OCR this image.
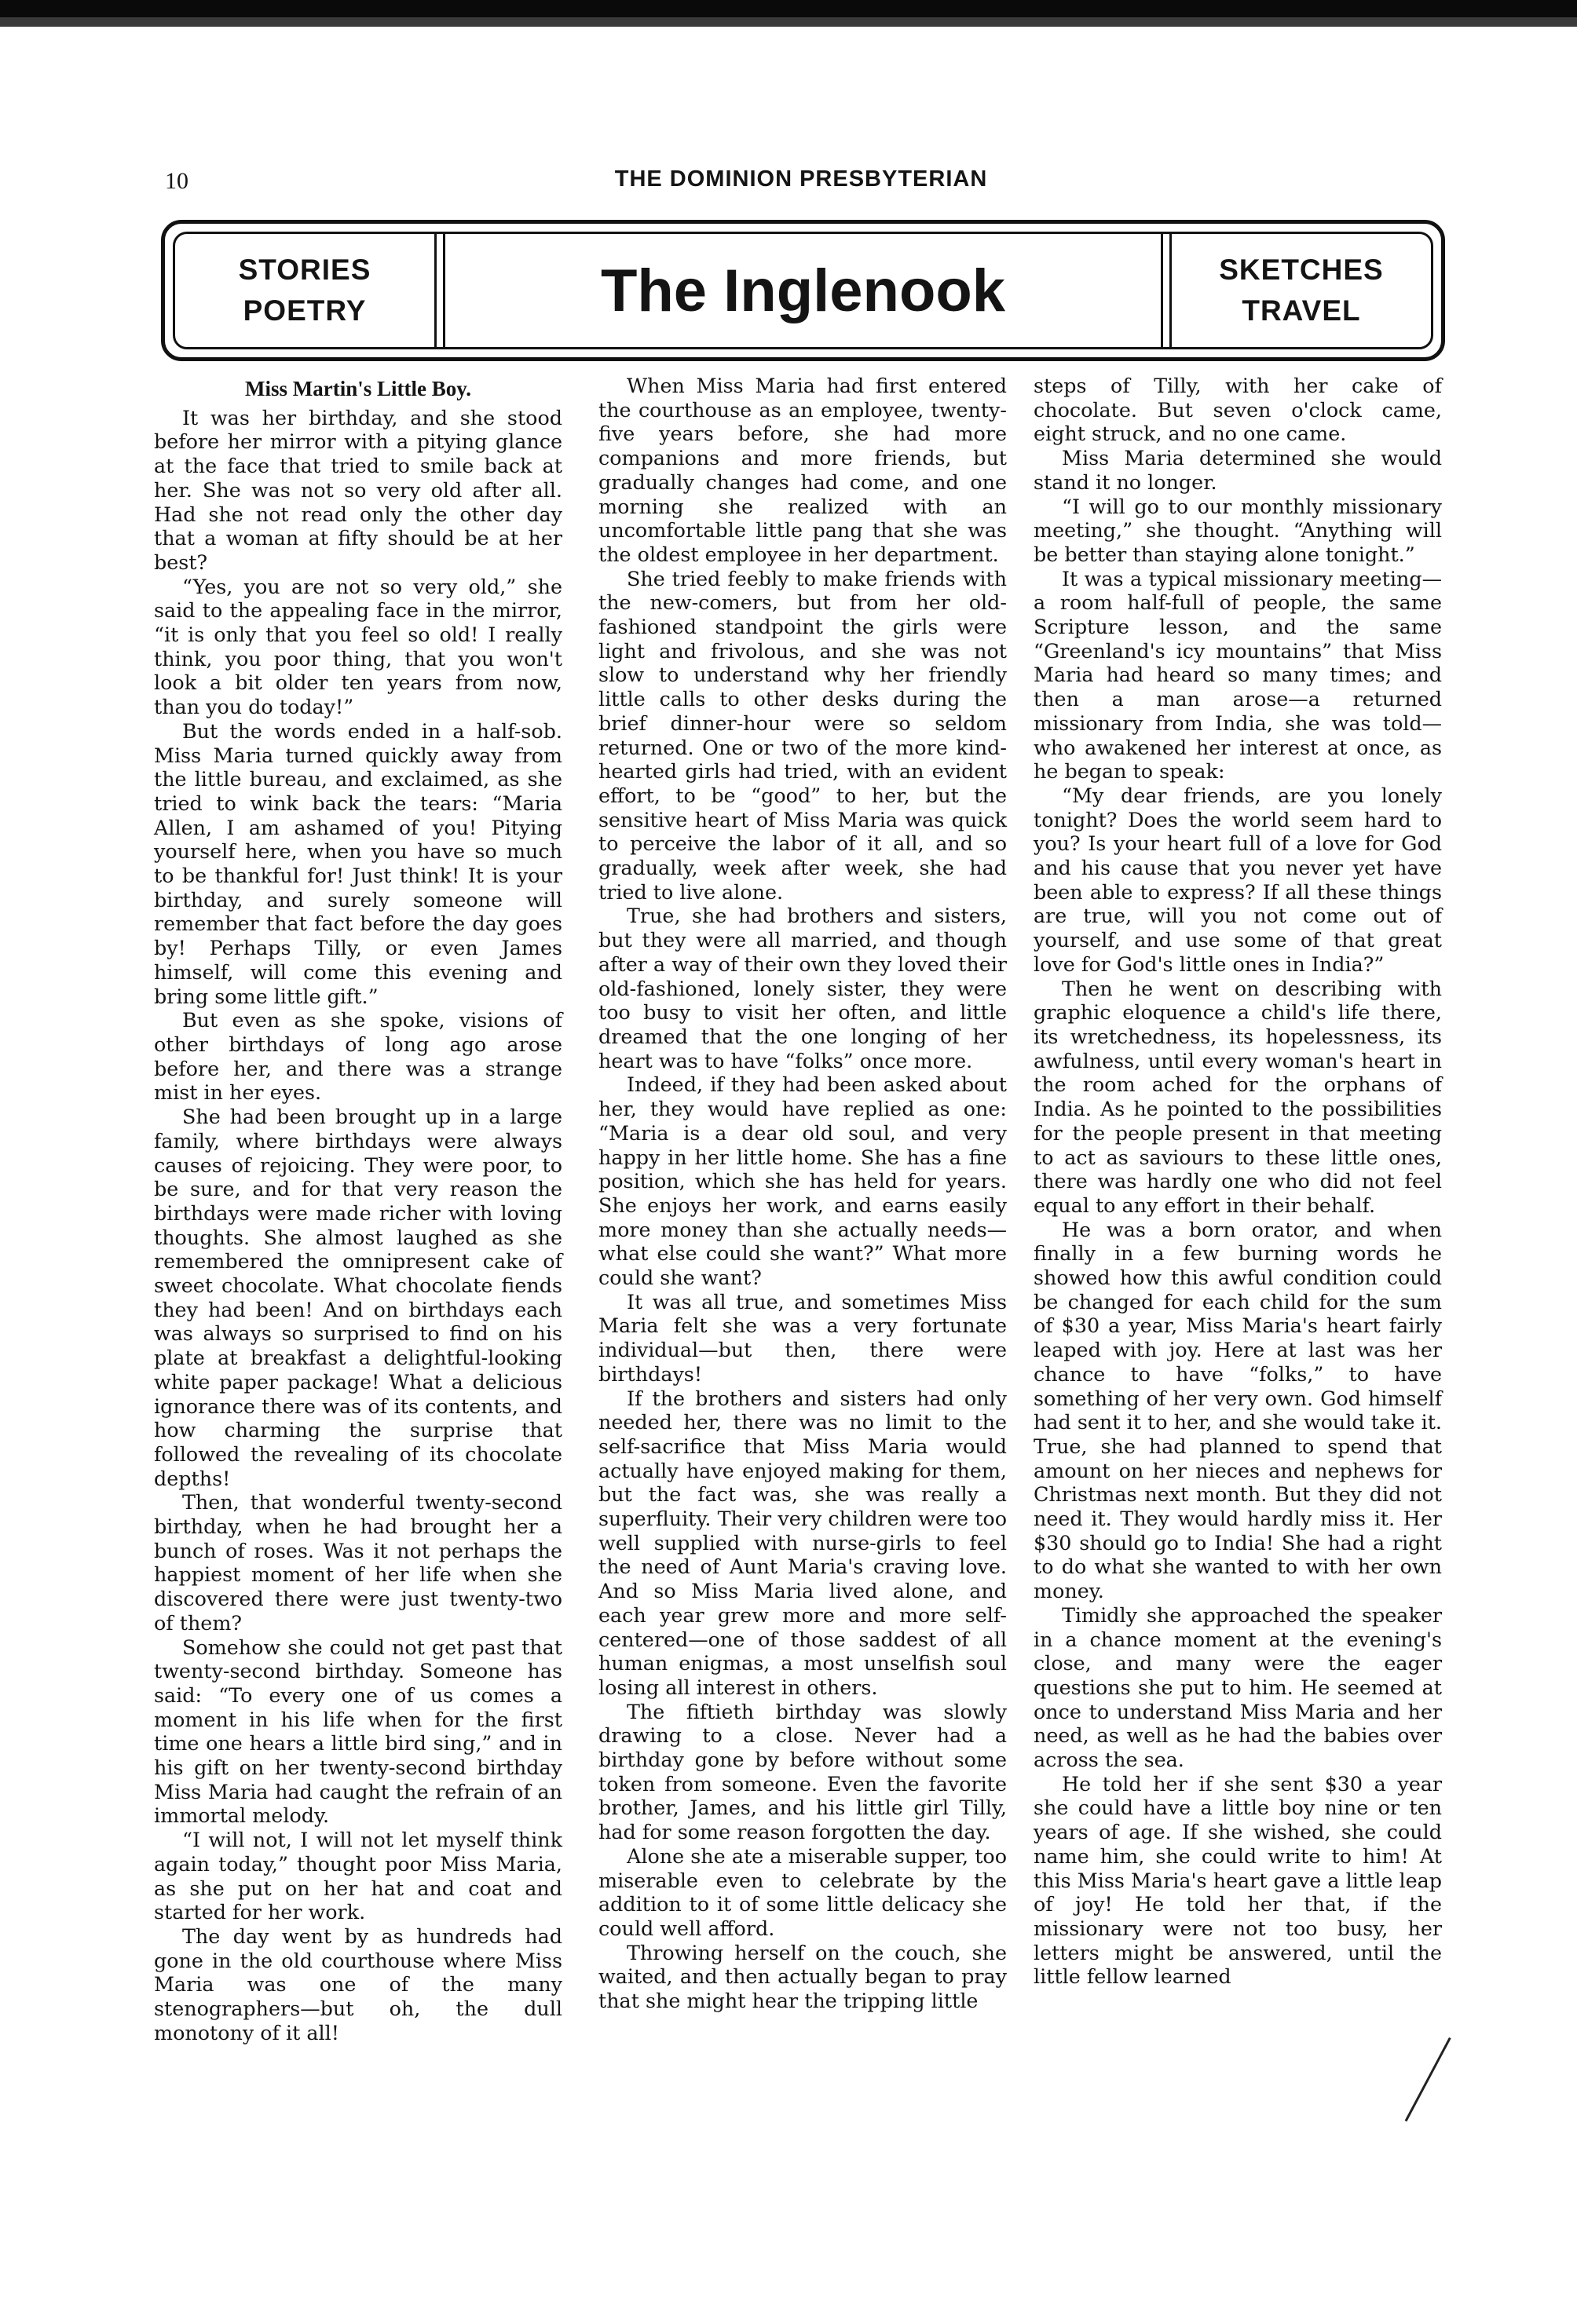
10	THE DOMINION PRESBYTERIAN
STORIES
POETRY	The Inglenook	SKETCHES
TRAVEL
Miss Martin's Little Boy.

It was her birthday, and she stood before her mirror with a pitying glance at the face that tried to smile back at her. She was not so very old after all. Had she not read only the other day that a woman at fifty should be at her best?

“Yes, you are not so very old,” she said to the appealing face in the mirror, “it is only that you feel so old! I really think, you poor thing, that you won't look a bit older ten years from now, than you do today!”

But the words ended in a half-sob. Miss Maria turned quickly away from the little bureau, and exclaimed, as she tried to wink back the tears: “Maria Allen, I am ashamed of you! Pitying yourself here, when you have so much to be thankful for! Just think! It is your birthday, and surely someone will remember that fact before the day goes by! Perhaps Tilly, or even James himself, will come this evening and bring some little gift.”

But even as she spoke, visions of other birthdays of long ago arose before her, and there was a strange mist in her eyes.

She had been brought up in a large family, where birthdays were always causes of rejoicing. They were poor, to be sure, and for that very reason the birthdays were made richer with loving thoughts. She almost laughed as she remembered the omnipresent cake of sweet chocolate. What chocolate fiends they had been! And on birthdays each was always so surprised to find on his plate at breakfast a delightful-looking white paper package! What a delicious ignorance there was of its contents, and how charming the surprise that followed the revealing of its chocolate depths!

Then, that wonderful twenty-second birthday, when he had brought her a bunch of roses. Was it not perhaps the happiest moment of her life when she discovered there were just twenty-two of them?

Somehow she could not get past that twenty-second birthday. Someone has said: “To every one of us comes a moment in his life when for the first time one hears a little bird sing,” and in his gift on her twenty-second birthday Miss Maria had caught the refrain of an immortal melody.

“I will not, I will not let myself think again today,” thought poor Miss Maria, as she put on her hat and coat and started for her work.

The day went by as hundreds had gone in the old courthouse where Miss Maria was one of the many stenographers—but oh, the dull monotony of it all!

When Miss Maria had first entered the courthouse as an employee, twenty-five years before, she had more companions and more friends, but gradually changes had come, and one morning she realized with an uncomfortable little pang that she was the oldest employee in her department.

She tried feebly to make friends with the new-comers, but from her old-fashioned standpoint the girls were light and frivolous, and she was not slow to understand why her friendly little calls to other desks during the brief dinner-hour were so seldom returned. One or two of the more kind-hearted girls had tried, with an evident effort, to be “good” to her, but the sensitive heart of Miss Maria was quick to perceive the labor of it all, and so gradually, week after week, she had tried to live alone.

True, she had brothers and sisters, but they were all married, and though after a way of their own they loved their old-fashioned, lonely sister, they were too busy to visit her often, and little dreamed that the one longing of her heart was to have “folks” once more.

Indeed, if they had been asked about her, they would have replied as one: “Maria is a dear old soul, and very happy in her little home. She has a fine position, which she has held for years. She enjoys her work, and earns easily more money than she actually needs—what else could she want?” What more could she want?

It was all true, and sometimes Miss Maria felt she was a very fortunate individual—but then, there were birthdays!

If the brothers and sisters had only needed her, there was no limit to the self-sacrifice that Miss Maria would actually have enjoyed making for them, but the fact was, she was really a superfluity. Their very children were too well supplied with nurse-girls to feel the need of Aunt Maria's craving love. And so Miss Maria lived alone, and each year grew more and more self-centered—one of those saddest of all human enigmas, a most unselfish soul losing all interest in others.

The fiftieth birthday was slowly drawing to a close. Never had a birthday gone by before without some token from someone. Even the favorite brother, James, and his little girl Tilly, had for some reason forgotten the day.

Alone she ate a miserable supper, too miserable even to celebrate by the addition to it of some little delicacy she could well afford.

Throwing herself on the couch, she waited, and then actually began to pray that she might hear the tripping little

steps of Tilly, with her cake of chocolate. But seven o'clock came, eight struck, and no one came.

Miss Maria determined she would stand it no longer.

“I will go to our monthly missionary meeting,” she thought. “Anything will be better than staying alone tonight.”

It was a typical missionary meeting—a room half-full of people, the same Scripture lesson, and the same “Greenland's icy mountains” that Miss Maria had heard so many times; and then a man arose—a returned missionary from India, she was told—who awakened her interest at once, as he began to speak:

“My dear friends, are you lonely tonight? Does the world seem hard to you? Is your heart full of a love for God and his cause that you never yet have been able to express? If all these things are true, will you not come out of yourself, and use some of that great love for God's little ones in India?”

Then he went on describing with graphic eloquence a child's life there, its wretchedness, its hopelessness, its awfulness, until every woman's heart in the room ached for the orphans of India. As he pointed to the possibilities for the people present in that meeting to act as saviours to these little ones, there was hardly one who did not feel equal to any effort in their behalf.

He was a born orator, and when finally in a few burning words he showed how this awful condition could be changed for each child for the sum of $30 a year, Miss Maria's heart fairly leaped with joy. Here at last was her chance to have “folks,” to have something of her very own. God himself had sent it to her, and she would take it. True, she had planned to spend that amount on her nieces and nephews for Christmas next month. But they did not need it. They would hardly miss it. Her $30 should go to India! She had a right to do what she wanted to with her own money.

Timidly she approached the speaker in a chance moment at the evening's close, and many were the eager questions she put to him. He seemed at once to understand Miss Maria and her need, as well as he had the babies over across the sea.

He told her if she sent $30 a year she could have a little boy nine or ten years of age. If she wished, she could name him, she could write to him! At this Miss Maria's heart gave a little leap of joy! He told her that, if the missionary were not too busy, her letters might be answered, until the little fellow learned
